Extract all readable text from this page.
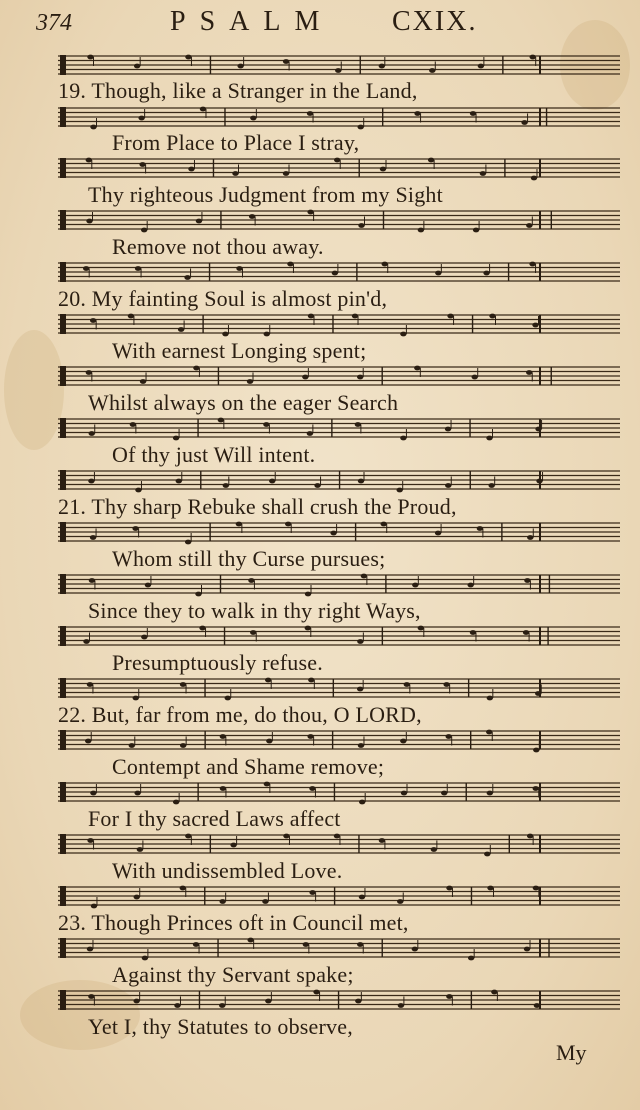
374	PSALM CXIX.
19. Though, like a Stranger in the Land,
From Place to Place I stray,
Thy righteous Judgment from my Sight
Remove not thou away.
20. My fainting Soul is almost pin'd,
With earnest Longing spent;
Whilst always on the eager Search
Of thy just Will intent.
21. Thy sharp Rebuke shall crush the Proud,
Whom still thy Curse pursues;
Since they to walk in thy right Ways,
Presumptuously refuse.
22. But, far from me, do thou, O LORD,
Contempt and Shame remove;
For I thy sacred Laws affect
With undissembled Love.
23. Though Princes oft in Council met,
Against thy Servant spake;
Yet I, thy Statutes to observe,
My
